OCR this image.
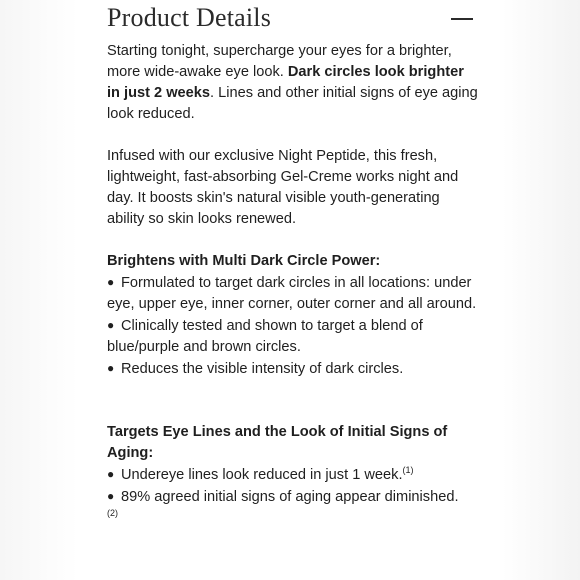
Product Details

Starting tonight, supercharge your eyes for a brighter, more wide-awake eye look. Dark circles look brighter in just 2 weeks. Lines and other initial signs of eye aging look reduced.

Infused with our exclusive Night Peptide, this fresh, lightweight, fast-absorbing Gel-Creme works night and day. It boosts skin's natural visible youth-generating ability so skin looks renewed.

Brightens with Multi Dark Circle Power:
● Formulated to target dark circles in all locations: under eye, upper eye, inner corner, outer corner and all around.
● Clinically tested and shown to target a blend of blue/purple and brown circles.
● Reduces the visible intensity of dark circles.
Targets Eye Lines and the Look of Initial Signs of Aging:
● Undereye lines look reduced in just 1 week.$^{(1)}$
● 89% agreed initial signs of aging appear diminished.
(2)
